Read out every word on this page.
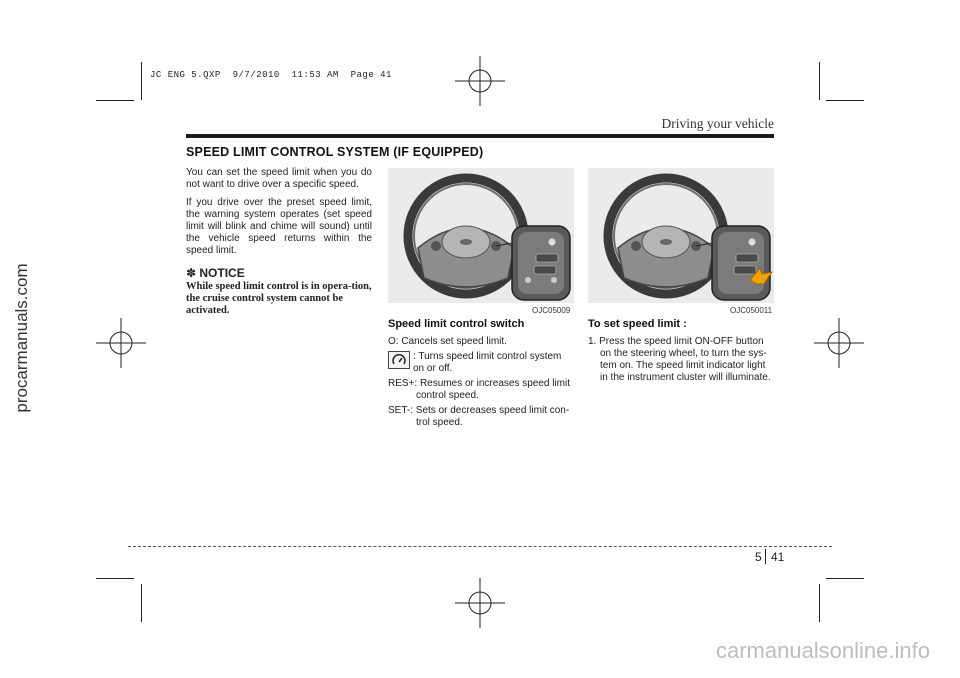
JC ENG 5.QXP  9/7/2010  11:53 AM  Page 41
procarmanuals.com
Driving your vehicle
SPEED LIMIT CONTROL SYSTEM (IF EQUIPPED)

You can set the speed limit when you do not want to drive over a specific speed.

If you drive over the preset speed limit, the warning system operates (set speed limit will blink and chime will sound) until the vehicle speed returns within the speed limit.

✽ NOTICE
While speed limit control is in opera-tion, the cruise control system cannot be activated.	OJC05009	OJC050011
Speed limit control switch
O: Cancels set speed limit.
: Turns speed limit control system on or off.
RES+: Resumes or increases speed limit control speed.
SET-: Sets or decreases speed limit con-trol speed.
To set speed limit :
1. Press the speed limit ON-OFF button on the steering wheel, to turn the sys-tem on. The speed limit indicator light in the instrument cluster will illuminate.
5 41
carmanualsonline.info
